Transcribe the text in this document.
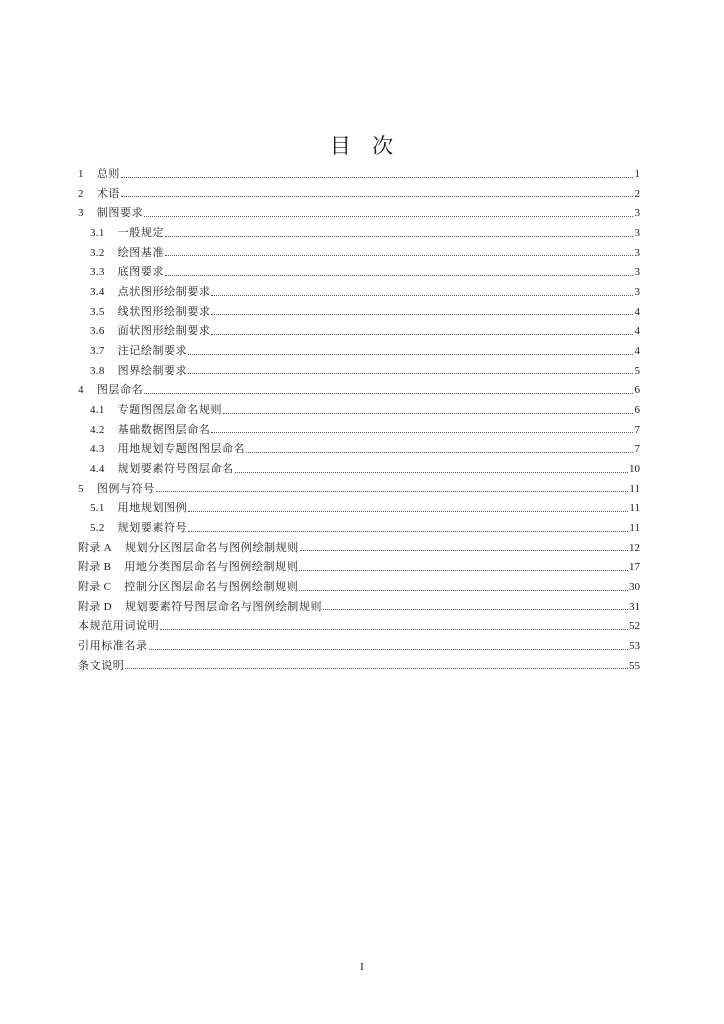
目 次
1 总则	1
2 术语	2
3 制图要求	3
3.1 一般规定	3
3.2 绘图基准	3
3.3 底图要求	3
3.4 点状图形绘制要求	3
3.5 线状图形绘制要求	4
3.6 面状图形绘制要求	4
3.7 注记绘制要求	4
3.8 图界绘制要求	5
4 图层命名	6
4.1 专题图图层命名规则	6
4.2 基础数据图层命名	7
4.3 用地规划专题图图层命名	7
4.4 规划要素符号图层命名	10
5 图例与符号	11
5.1 用地规划图例	11
5.2 规划要素符号	11
附录 A 规划分区图层命名与图例绘制规则	12
附录 B 用地分类图层命名与图例绘制规则	17
附录 C 控制分区图层命名与图例绘制规则	30
附录 D 规划要素符号图层命名与图例绘制规则	31
本规范用词说明	52
引用标准名录	53
条文说明	55
I
